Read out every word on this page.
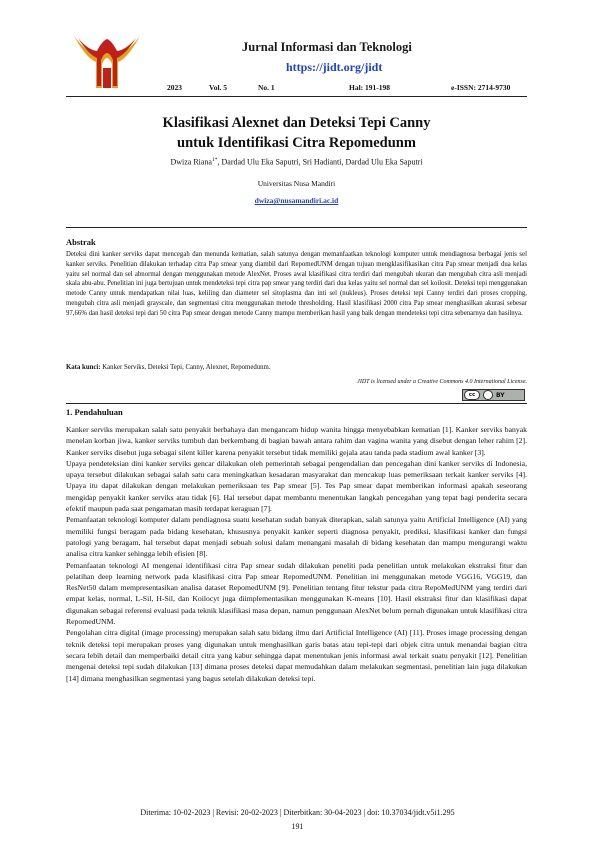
Jurnal Informasi dan Teknologi
https://jidt.org/jidt
2023	Vol. 5	No. 1	Hal: 191-198	e-ISSN: 2714-9730
Klasifikasi Alexnet dan Deteksi Tepi Canny
untuk Identifikasi Citra Repomedunm
Dwiza Riana$^{1*}$, Dardad Ulu Eka Saputri, Sri Hadianti, Dardad Ulu Eka Saputri
Universitas Nusa Mandiri
dwiza@nusamandiri.ac.id
Abstrak
Deteksi dini kanker serviks dapat mencegah dan menunda kematian, salah satunya dengan memanfaatkan teknologi komputer untuk mendiagnosa berbagai jenis sel kanker serviks. Penelitian dilakukan terhadap citra Pap smear yang diambil dari RepomedUNM dengan tujuan mengklasifikasikan citra Pap smear menjadi dua kelas yaitu sel normal dan sel abnormal dengan menggunakan metode AlexNet. Proses awal klasifikasi citra terdiri dari mengubah ukuran dan mengubah citra asli menjadi skala abu-abu. Penelitian ini juga bertujuan untuk mendeteksi tepi citra pap smear yang terdiri dari dua kelas yaitu sel normal dan sel koilosit. Deteksi tepi menggunakan metode Canny untuk mendapatkan nilai luas, keliling dan diameter sel sitoplasma dan inti sel (nukleus). Proses deteksi tepi Canny terdiri dari proses cropping, mengubah citra asli menjadi grayscale, dan segmentasi citra menggunakan metode thresholding. Hasil klasifikasi 2000 citra Pap smear menghasilkan akurasi sebesar 97,66% dan hasil deteksi tepi dari 50 citra Pap smear dengan metode Canny mampu memberikan hasil yang baik dengan mendeteksi tepi citra sebenarnya dan hasilnya.
Kata kunci: Kanker Serviks, Deteksi Tepi, Canny, Alexnet, Repomedunm.
JIDT is licensed under a Creative Commons 4.0 International License.
cc	BY
1. Pendahuluan

Kanker serviks merupakan salah satu penyakit berbahaya dan mengancam hidup wanita hingga menyebabkan kematian [1]. Kanker serviks banyak menelan korban jiwa, kanker serviks tumbuh dan berkembang di bagian bawah antara rahim dan vagina wanita yang disebut dengan leher rahim [2]. Kanker serviks disebut juga sebagai silent killer karena penyakit tersebut tidak memiliki gejala atau tanda pada stadium awal kanker [3].

Upaya pendeteksian dini kanker serviks gencar dilakukan oleh pemerintah sebagai pengendalian dan pencegahan dini kanker serviks di Indonesia, upaya tersebut dilakukan sebagai salah satu cara meningkatkan kesadaran masyarakat dan mencakup luas pemeriksaan terkait kanker serviks [4]. Upaya itu dapat dilakukan dengan melakukan pemeriksaan tes Pap smear [5]. Tes Pap smear dapat memberikan informasi apakah seseorang mengidap penyakit kanker serviks atau tidak [6]. Hal tersebut dapat membantu menentukan langkah pencegahan yang tepat bagi penderita secara efektif maupun pada saat pengamatan masih terdapat keraguan [7].

Pemanfaatan teknologi komputer dalam pendiagnosa suatu kesehatan sudah banyak diterapkan, salah satunya yaitu Artificial Intelligence (AI) yang memiliki fungsi beragam pada bidang kesehatan, khususnya penyakit kanker seperti diagnosa penyakit, prediksi, klasifikasi kanker dan fungsi patologi yang beragam, hal tersebut dapat menjadi sebuah solusi dalam menangani masalah di bidang kesehatan dan mampu mengurangi waktu analisa citra kanker sehingga lebih efisien [8].

Pemanfaatan teknologi AI mengenai identifikasi citra Pap smear sudah dilakukan peneliti pada penelitian untuk melakukan ekstraksi fitur dan pelatihan deep learning network pada klasifikasi citra Pap smear RepomedUNM. Penelitian ini menggunakan metode VGG16, VGG19, dan ResNet50 dalam mempresentasikan analisa dataset RepomedUNM [9]. Penelitian tentang fitur tekstur pada citra RepoMedUNM yang terdiri dari empat kelas, normal, L-Sil, H-Sil, dan Koilocyt juga diimplementasikan menggunakan K-means [10]. Hasil ekstraksi fitur dan klasifikasi dapat digunakan sebagai referensi evaluasi pada teknik klasifikasi masa depan, namun penggunaan AlexNet belum pernah digunakan untuk klasifikasi citra RepomedUNM.

Pengolahan citra digital (image processing) merupakan salah satu bidang ilmu dari Artificial Intelligence (AI) [11]. Proses image processing dengan teknik deteksi tepi merupakan proses yang digunakan untuk menghasilkan garis batas atau tepi-tepi dari objek citra untuk menandai bagian citra secara lebih detail dan memperbaiki detail citra yang kabur sehingga dapat menentukan jenis informasi awal terkait suatu penyakit [12]. Penelitian mengenai deteksi tepi sudah dilakukan [13] dimana proses deteksi dapat memudahkan dalam melakukan segmentasi, penelitian lain juga dilakukan [14] dimana menghasilkan segmentasi yang bagus setelah dilakukan deteksi tepi.

Diterima: 10-02-2023 | Revisi: 20-02-2023 | Diterbitkan: 30-04-2023 | doi: 10.37034/jidt.v5i1.295
191
